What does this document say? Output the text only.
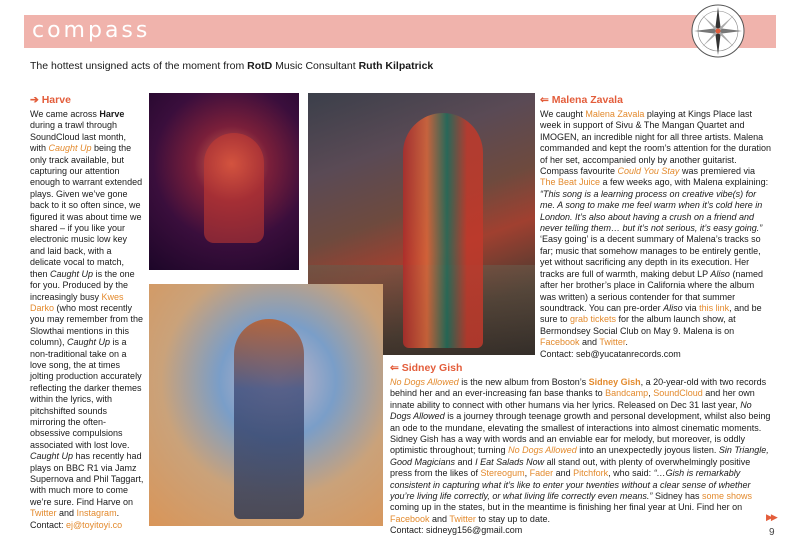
compass
The hottest unsigned acts of the moment from RotD Music Consultant Ruth Kilpatrick
➔ Harve

We came across Harve during a trawl through SoundCloud last month, with Caught Up being the only track available, but capturing our attention enough to warrant extended plays. Given we’ve gone back to it so often since, we figured it was about time we shared – if you like your electronic music low key and laid back, with a delicate vocal to match, then Caught Up is the one for you. Produced by the increasingly busy Kwes Darko (who most recently you may remember from the Slowthai mentions in this column), Caught Up is a non-traditional take on a love song, the at times jolting production accurately reflecting the darker themes within the lyrics, with pitchshifted sounds mirroring the often-obsessive compulsions associated with lost love. Caught Up has recently had plays on BBC R1 via Jamz Supernova and Phil Taggart, with much more to come we’re sure. Find Harve on Twitter and Instagram.

Contact: ej@toyitoyi.co

⇐ Malena Zavala

We caught Malena Zavala playing at Kings Place last week in support of Sivu & The Mangan Quartet and IMOGEN, an incredible night for all three artists. Malena commanded and kept the room’s attention for the duration of her set, accompanied only by another guitarist. Compass favourite Could You Stay was premiered via The Beat Juice a few weeks ago, with Malena explaining: “This song is a learning process on creative vibe(s) for me. A song to make me feel warm when it’s cold here in London. It’s also about having a crush on a friend and never telling them… but it’s not serious, it’s easy going.” ‘Easy going’ is a decent summary of Malena’s tracks so far; music that somehow manages to be entirely gentle, yet without sacrificing any depth in its execution. Her tracks are full of warmth, making debut LP Aliso (named after her brother’s place in California where the album was written) a serious contender for that summer soundtrack. You can pre-order Aliso via this link, and be sure to grab tickets for the album launch show, at Bermondsey Social Club on May 9. Malena is on Facebook and Twitter.

Contact: seb@yucatanrecords.com

⇐ Sidney Gish

No Dogs Allowed is the new album from Boston’s Sidney Gish, a 20-year-old with two records behind her and an ever-increasing fan base thanks to Bandcamp, SoundCloud and her own innate ability to connect with other humans via her lyrics. Released on Dec 31 last year, No Dogs Allowed is a journey through teenage growth and personal development, whilst also being an ode to the mundane, elevating the smallest of interactions into almost cinematic moments. Sidney Gish has a way with words and an enviable ear for melody, but moreover, is oddly optimistic throughout; turning No Dogs Allowed into an unexpectedly joyous listen. Sin Triangle, Good Magicians and I Eat Salads Now all stand out, with plenty of overwhelmingly positive press from the likes of Stereogum, Fader and Pitchfork, who said: “…Gish is remarkably consistent in capturing what it’s like to enter your twenties without a clear sense of whether you’re living life correctly, or what living life correctly even means.” Sidney has some shows coming up in the states, but in the meantime is finishing her final year at Uni. Find her on Facebook and Twitter to stay up to date.

Contact: sidneyg156@gmail.com

▶▶
9
